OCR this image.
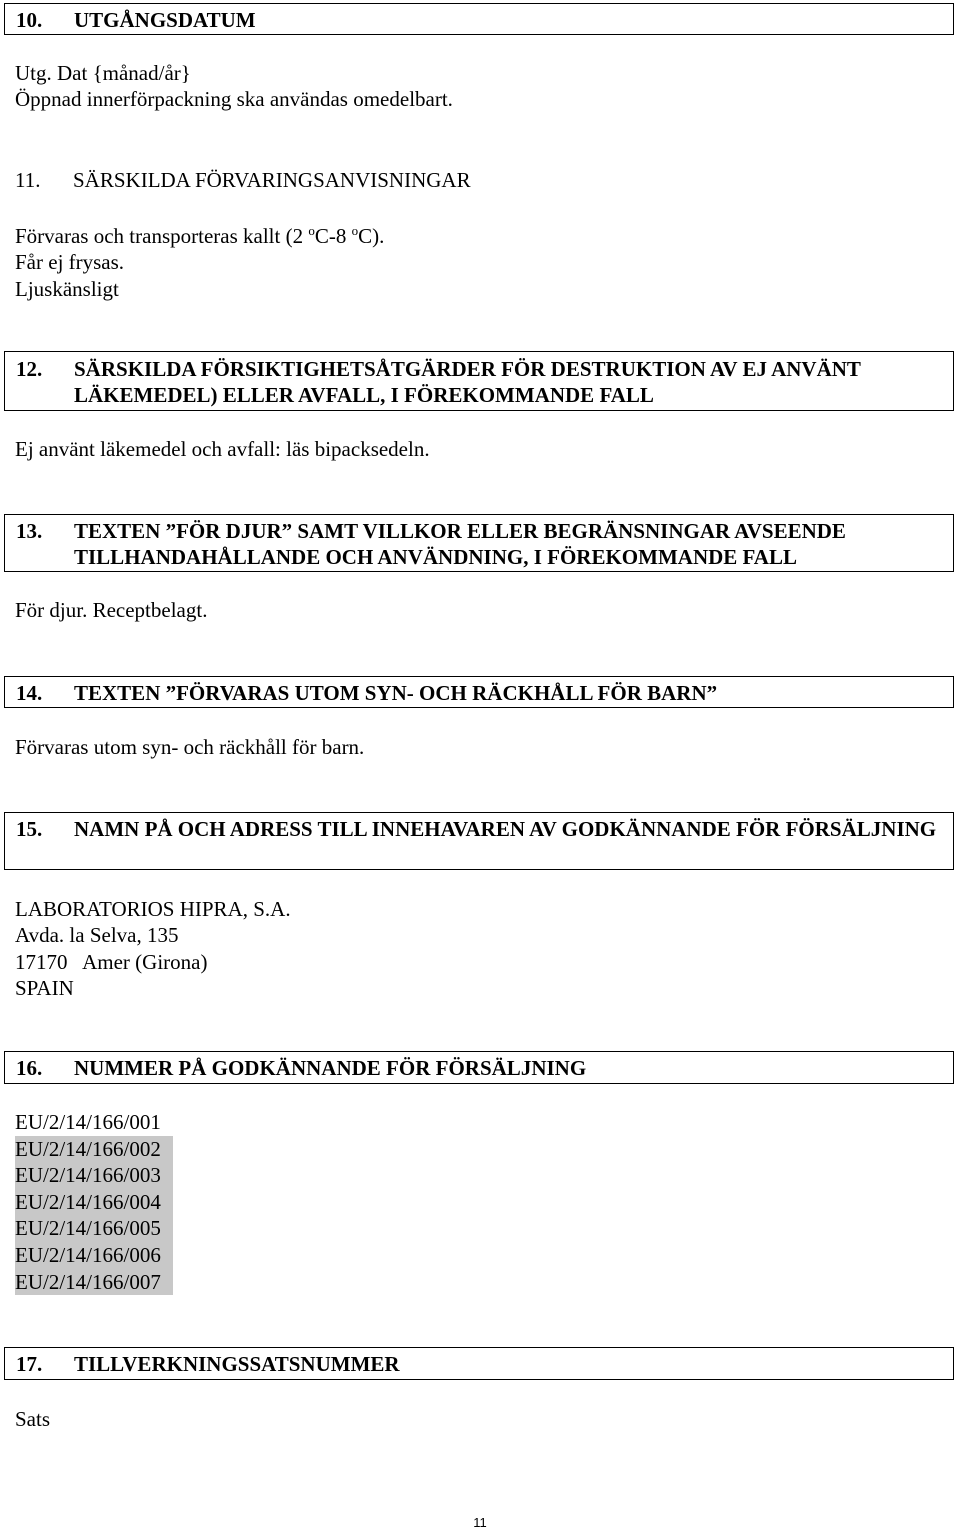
10. UTGÅNGSDATUM
Utg. Dat {månad/år}
Öppnad innerförpackning ska användas omedelbart.
11. SÄRSKILDA FÖRVARINGSANVISNINGAR
Förvaras och transporteras kallt (2 $^o$C-8 $^o$C).
Får ej frysas.
Ljuskänsligt
12. SÄRSKILDA FÖRSIKTIGHETSÅTGÄRDER FÖR DESTRUKTION AV EJ ANVÄNT LÄKEMEDEL) ELLER AVFALL, I FÖREKOMMANDE FALL
Ej använt läkemedel och avfall: läs bipacksedeln.
13. TEXTEN ”FÖR DJUR” SAMT VILLKOR ELLER BEGRÄNSNINGAR AVSEENDE TILLHANDAHÅLLANDE OCH ANVÄNDNING, I FÖREKOMMANDE FALL
För djur. Receptbelagt.
14. TEXTEN ”FÖRVARAS UTOM SYN- OCH RÄCKHÅLL FÖR BARN”
Förvaras utom syn- och räckhåll för barn.
15. NAMN PÅ OCH ADRESS TILL INNEHAVAREN AV GODKÄNNANDE FÖR FÖRSÄLJNING
LABORATORIOS HIPRA, S.A.
Avda. la Selva, 135
17170   Amer (Girona)
SPAIN
16. NUMMER PÅ GODKÄNNANDE FÖR FÖRSÄLJNING
EU/2/14/166/001
EU/2/14/166/002
EU/2/14/166/003
EU/2/14/166/004
EU/2/14/166/005
EU/2/14/166/006
EU/2/14/166/007
17. TILLVERKNINGSSATSNUMMER
Sats
11
